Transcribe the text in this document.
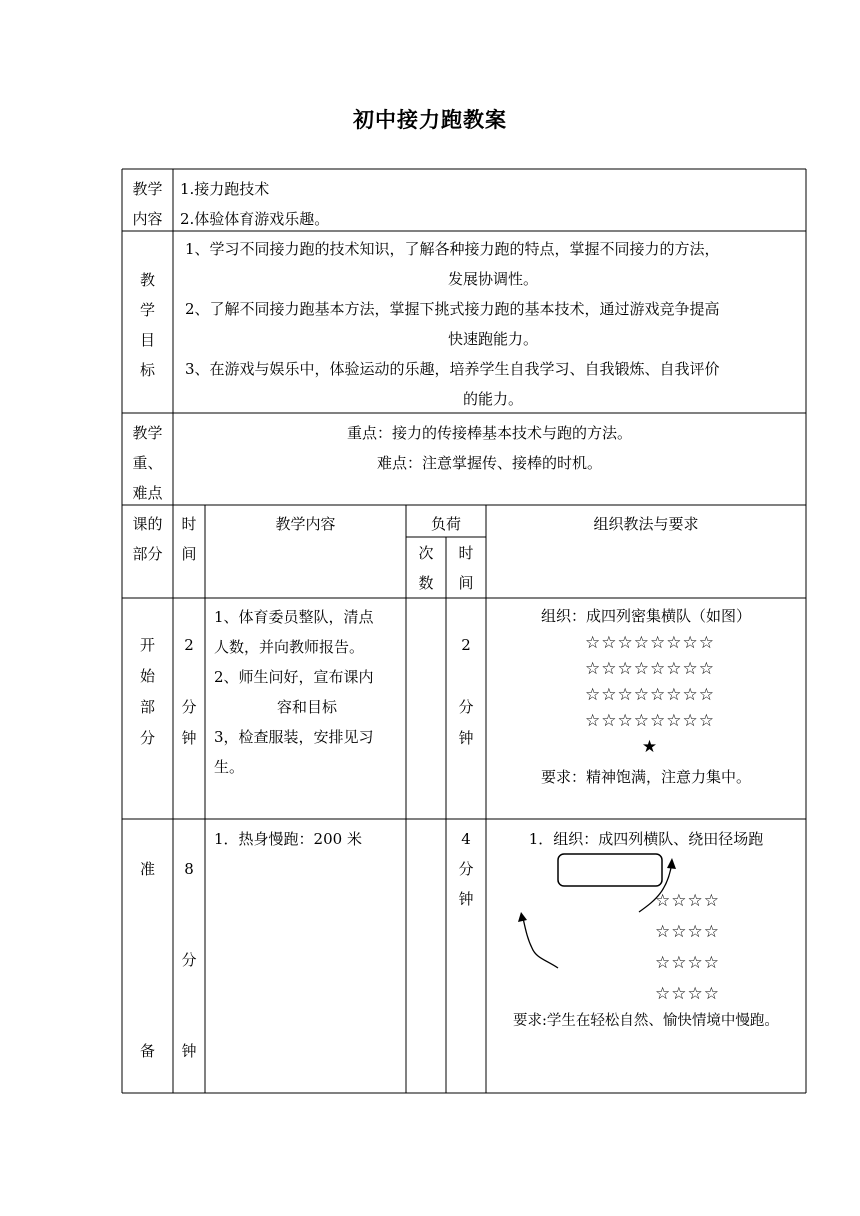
初中接力跑教案
教学
内容
1.接力跑技术
2.体验体育游戏乐趣。
教
学
目
标
1、学习不同接力跑的技术知识，了解各种接力跑的特点，掌握不同接力的方法，
发展协调性。
2、了解不同接力跑基本方法，掌握下挑式接力跑的基本技术，通过游戏竞争提高
快速跑能力。
3、在游戏与娱乐中，体验运动的乐趣，培养学生自我学习、自我锻炼、自我评价
的能力。
教学
重、
难点
重点：接力的传接棒基本技术与跑的方法。
难点：注意掌握传、接棒的时机。
课的
部分
时
间
教学内容	负荷
次
数
时
间
组织教法与要求
开
始
部
分
2
分
钟
1、体育委员整队，清点
人数，并向教师报告。
2、师生问好，宣布课内
容和目标
3，检查服装，安排见习
生。
2
分
钟
组织：成四列密集横队（如图）
☆☆☆☆☆☆☆☆
☆☆☆☆☆☆☆☆
☆☆☆☆☆☆☆☆
☆☆☆☆☆☆☆☆
★
要求：精神饱满，注意力集中。
准
备
8
分
钟
1．热身慢跑：200 米	4
分
钟
1．组织：成四列横队、绕田径场跑
☆☆☆☆
☆☆☆☆
☆☆☆☆
☆☆☆☆
要求:学生在轻松自然、愉快情境中慢跑。
